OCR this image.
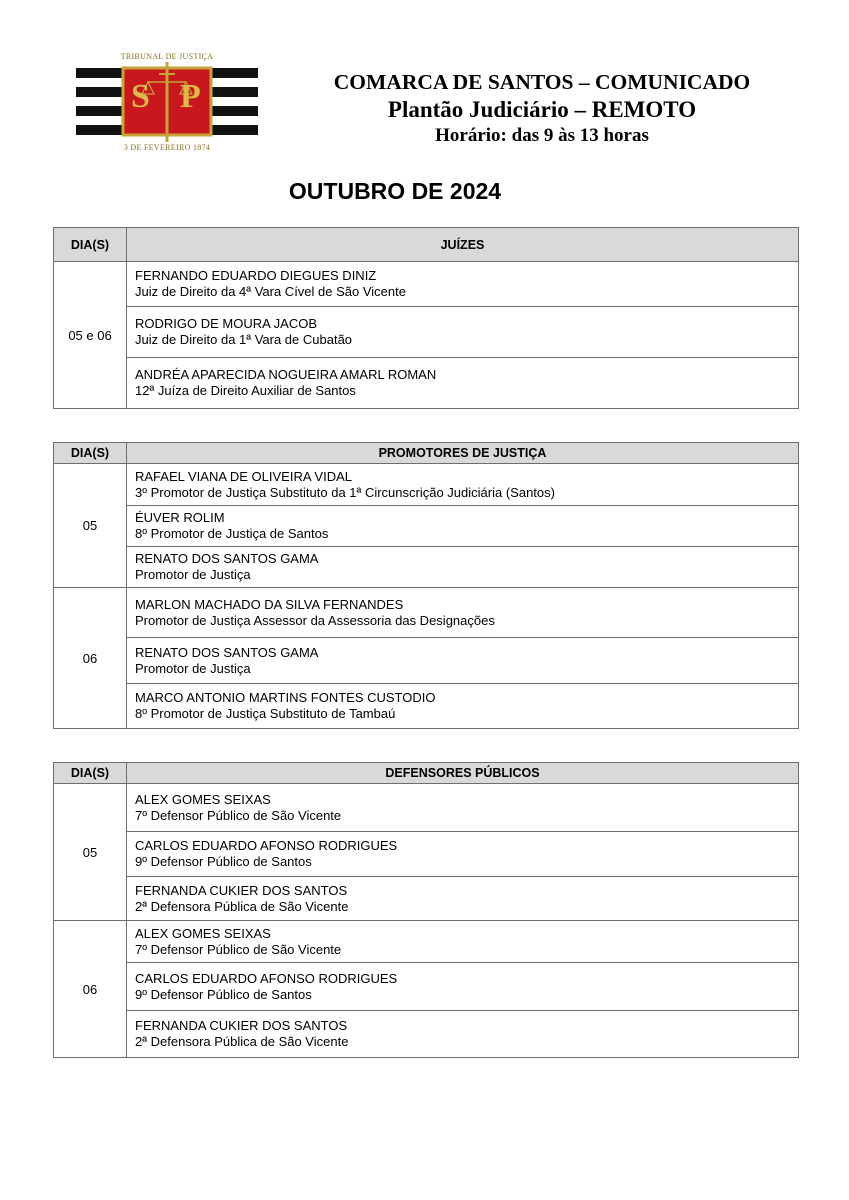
TRIBUNAL DE JUSTIÇA
S P
3 DE FEVEREIRO 1874
COMARCA DE SANTOS – COMUNICADO
Plantão Judiciário – REMOTO
Horário: das 9 às 13 horas
OUTUBRO DE 2024
DIA(S)	JUÍZES
05 e 06	FERNANDO EDUARDO DIEGUES DINIZ
Juiz de Direito da 4ª Vara Cível de São Vicente

	RODRIGO DE MOURA JACOB
Juiz de Direito da 1ª Vara de Cubatão

	ANDRÉA APARECIDA NOGUEIRA AMARL ROMAN
12ª Juíza de Direito Auxiliar de Santos
DIA(S)	PROMOTORES DE JUSTIÇA
05	RAFAEL VIANA DE OLIVEIRA VIDAL
3º Promotor de Justiça Substituto da 1ª Circunscrição Judiciária (Santos)

	ÉUVER ROLIM
8º Promotor de Justiça de Santos

	RENATO DOS SANTOS GAMA
Promotor de Justiça

06	MARLON MACHADO DA SILVA FERNANDES
Promotor de Justiça Assessor da Assessoria das Designações

	RENATO DOS SANTOS GAMA
Promotor de Justiça

	MARCO ANTONIO MARTINS FONTES CUSTODIO
8º Promotor de Justiça Substituto de Tambaú
DIA(S)	DEFENSORES PÚBLICOS
05	ALEX GOMES SEIXAS
7º Defensor Público de São Vicente

	CARLOS EDUARDO AFONSO RODRIGUES
9º Defensor Público de Santos

	FERNANDA CUKIER DOS SANTOS
2ª Defensora Pública de São Vicente

06	ALEX GOMES SEIXAS
7º Defensor Público de São Vicente

	CARLOS EDUARDO AFONSO RODRIGUES
9º Defensor Público de Santos

	FERNANDA CUKIER DOS SANTOS
2ª Defensora Pública de São Vicente
